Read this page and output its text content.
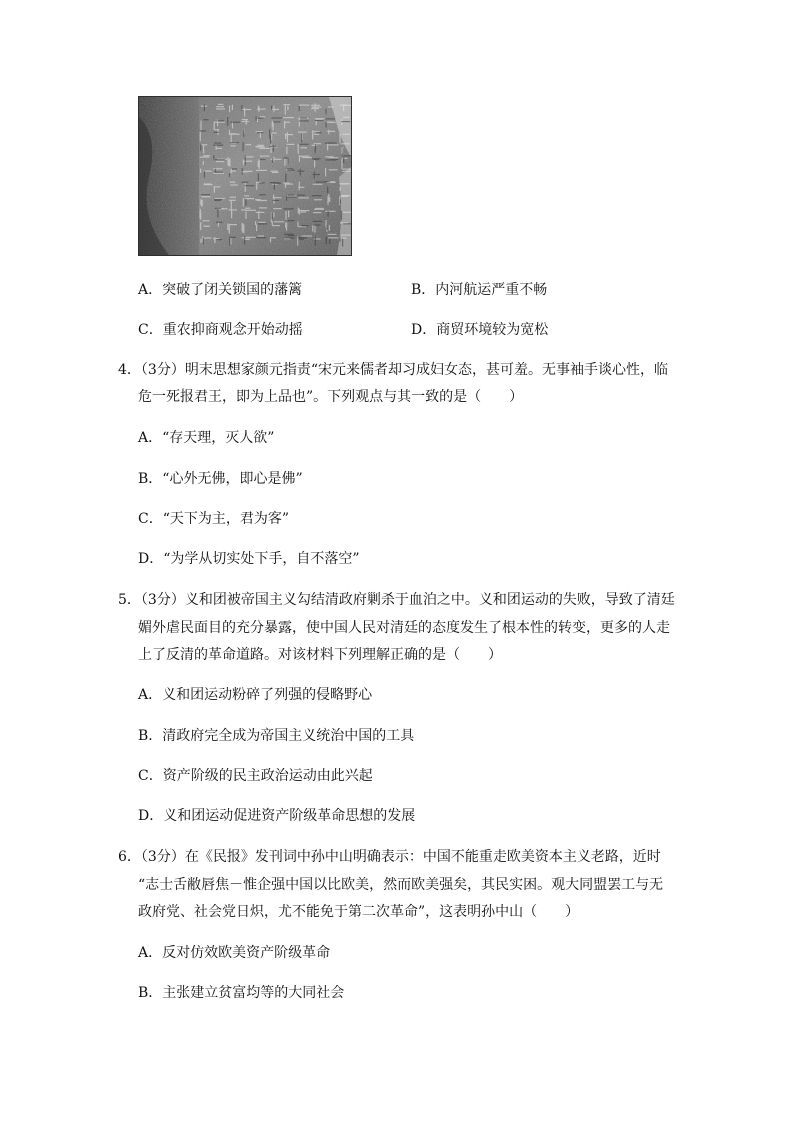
A．突破了闭关锁国的藩篱	B．内河航运严重不畅
C．重农抑商观念开始动摇	D．商贸环境较为宽松
4．（3分）明末思想家颜元指责“宋元来儒者却习成妇女态，甚可羞。无事袖手谈心性，临
危一死报君王，即为上品也”。下列观点与其一致的是（　　）
A．“存天理，灭人欲”
B．“心外无佛，即心是佛”
C．“天下为主，君为客”
D．“为学从切实处下手，自不落空”
5．（3分）义和团被帝国主义勾结清政府剿杀于血泊之中。义和团运动的失败，导致了清廷
媚外虐民面目的充分暴露，使中国人民对清廷的态度发生了根本性的转变，更多的人走
上了反清的革命道路。对该材料下列理解正确的是（　　）
A．义和团运动粉碎了列强的侵略野心
B．清政府完全成为帝国主义统治中国的工具
C．资产阶级的民主政治运动由此兴起
D．义和团运动促进资产阶级革命思想的发展
6．（3分）在《民报》发刊词中孙中山明确表示：中国不能重走欧美资本主义老路，近时
“志士舌敝唇焦－惟企强中国以比欧美，然而欧美强矣，其民实困。观大同盟罢工与无
政府党、社会党日炽，尤不能免于第二次革命”，这表明孙中山（　　）
A．反对仿效欧美资产阶级革命
B．主张建立贫富均等的大同社会
